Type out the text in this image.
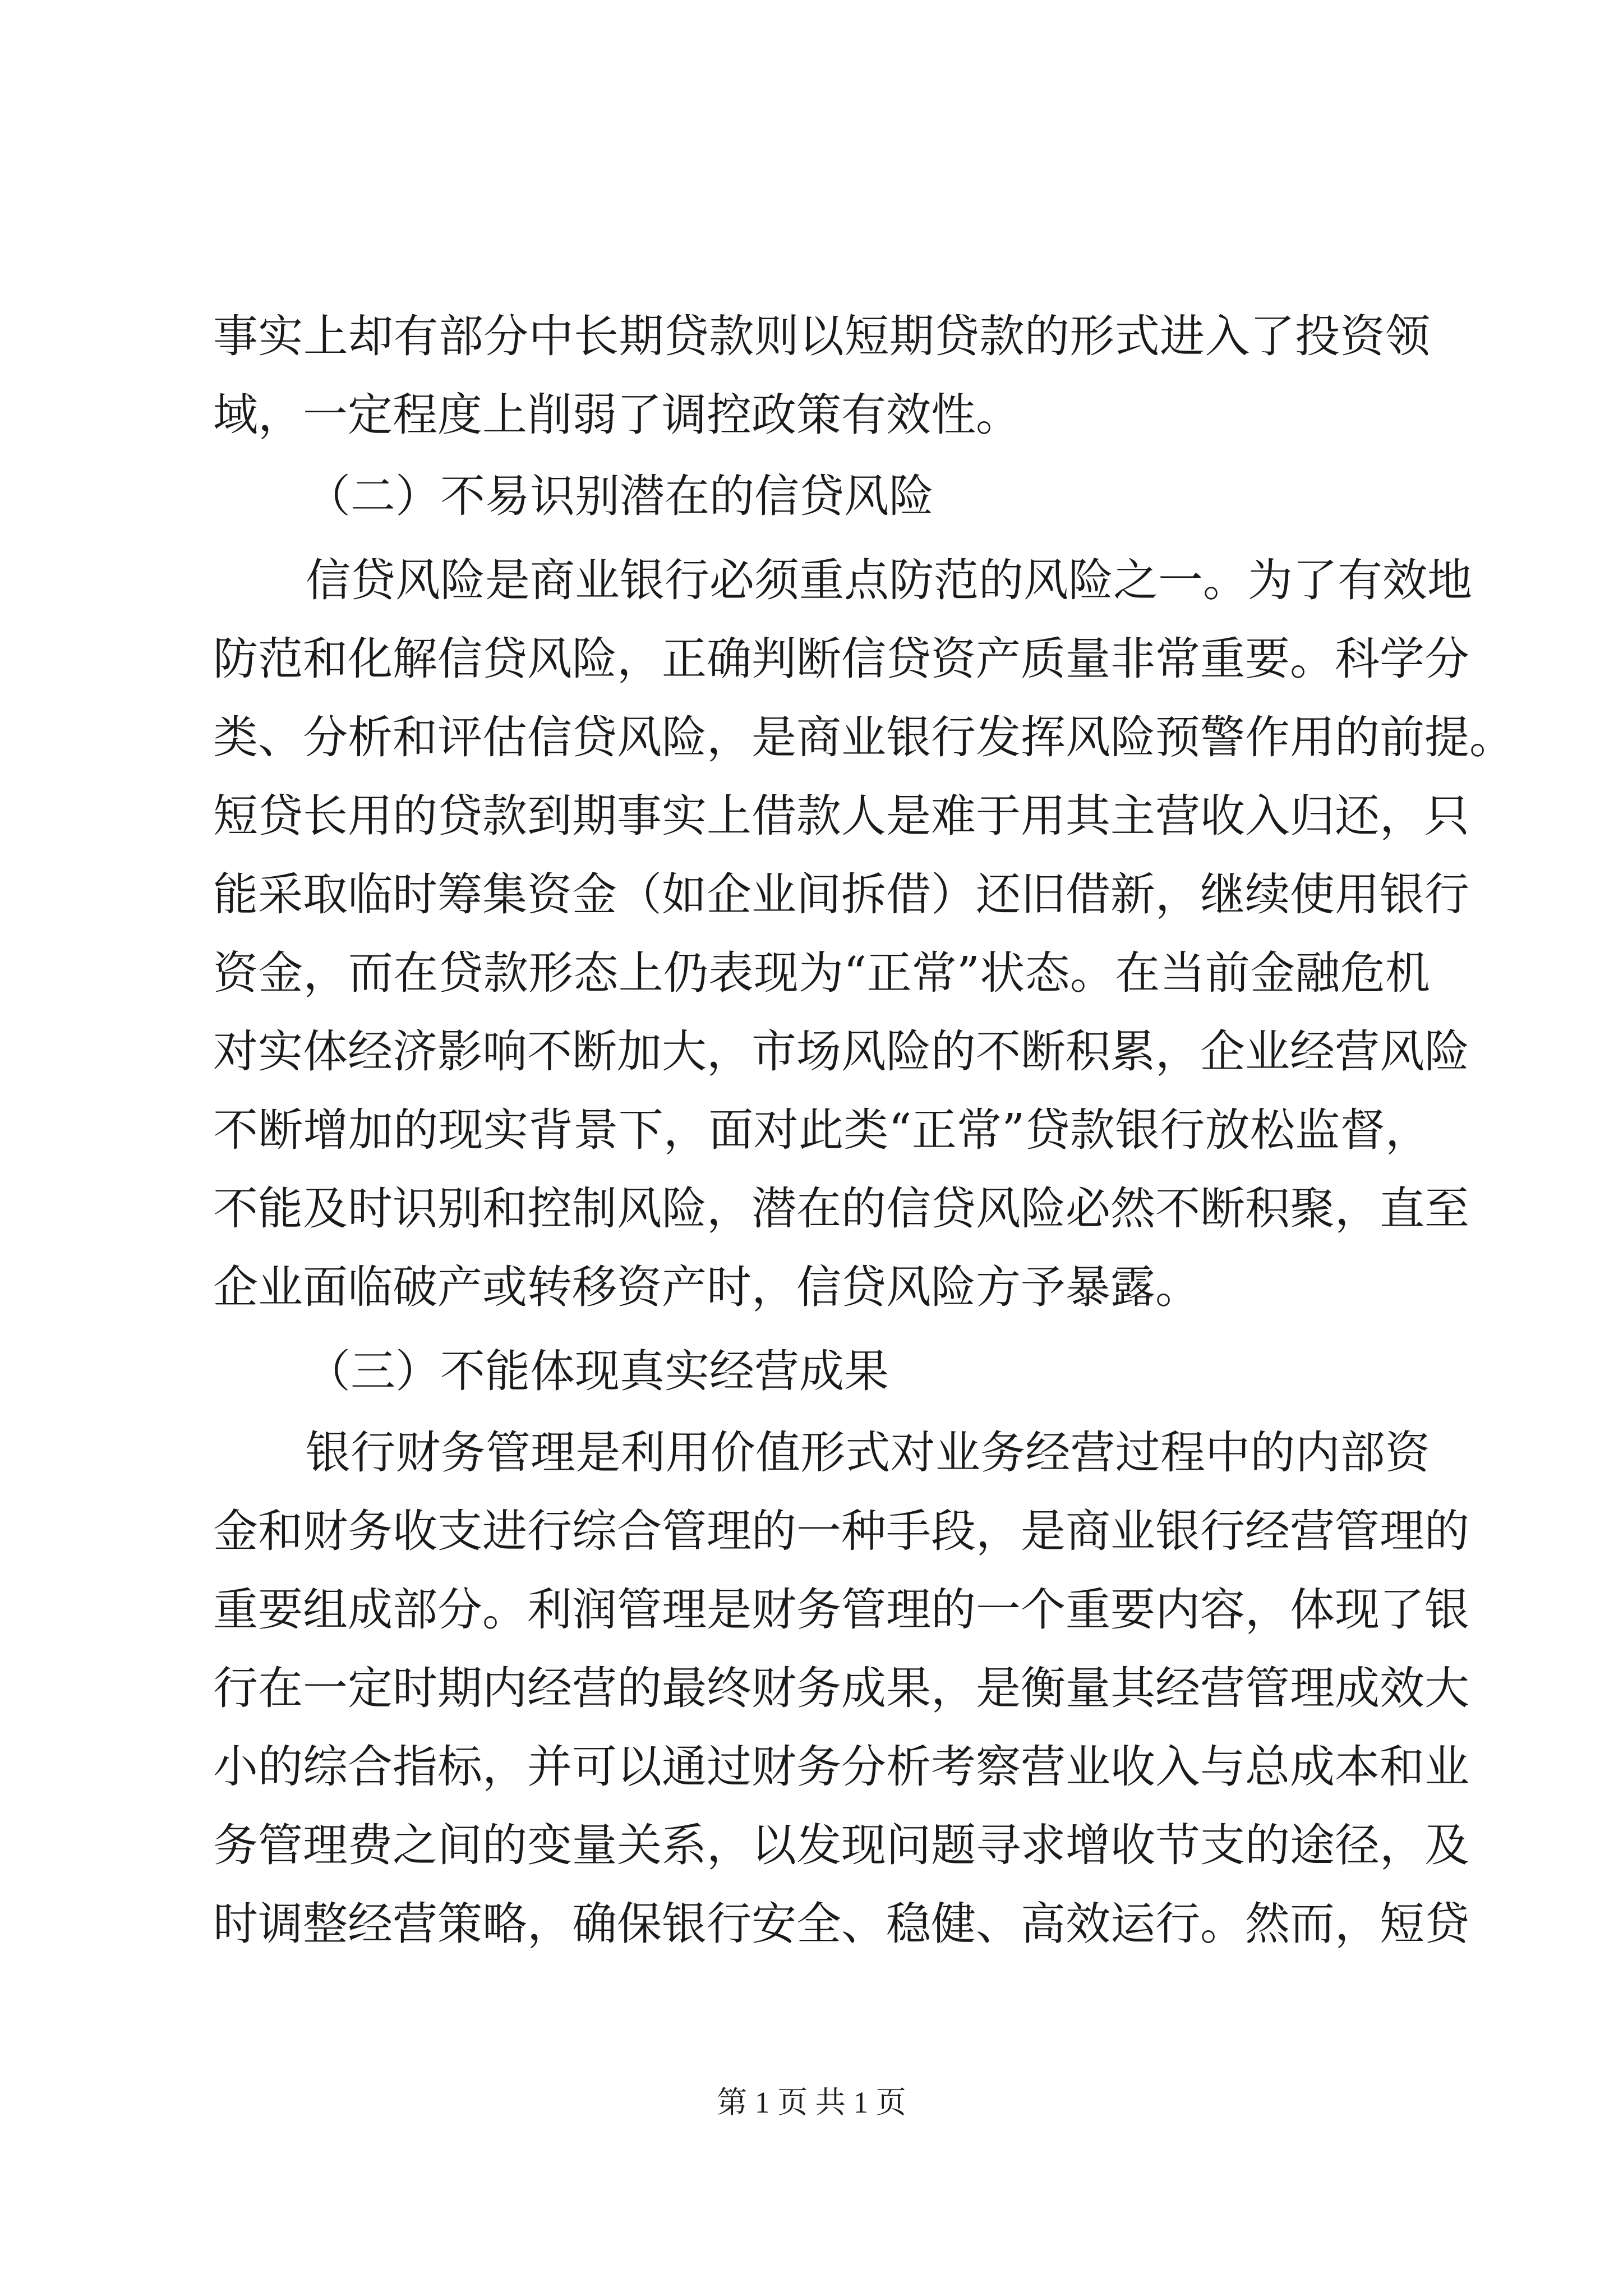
事实上却有部分中长期贷款则以短期贷款的形式进入了投资领
域，一定程度上削弱了调控政策有效性。
（二）不易识别潜在的信贷风险
信贷风险是商业银行必须重点防范的风险之一。为了有效地
防范和化解信贷风险，正确判断信贷资产质量非常重要。科学分
类、分析和评估信贷风险，是商业银行发挥风险预警作用的前提。
短贷长用的贷款到期事实上借款人是难于用其主营收入归还，只
能采取临时筹集资金（如企业间拆借）还旧借新，继续使用银行
资金，而在贷款形态上仍表现为“正常”状态。在当前金融危机
对实体经济影响不断加大，市场风险的不断积累，企业经营风险
不断增加的现实背景下，面对此类“正常”贷款银行放松监督，
不能及时识别和控制风险，潜在的信贷风险必然不断积聚，直至
企业面临破产或转移资产时，信贷风险方予暴露。
（三）不能体现真实经营成果
银行财务管理是利用价值形式对业务经营过程中的内部资
金和财务收支进行综合管理的一种手段，是商业银行经营管理的
重要组成部分。利润管理是财务管理的一个重要内容，体现了银
行在一定时期内经营的最终财务成果，是衡量其经营管理成效大
小的综合指标，并可以通过财务分析考察营业收入与总成本和业
务管理费之间的变量关系，以发现问题寻求增收节支的途径，及
时调整经营策略，确保银行安全、稳健、高效运行。然而，短贷
第 1 页 共 1 页
